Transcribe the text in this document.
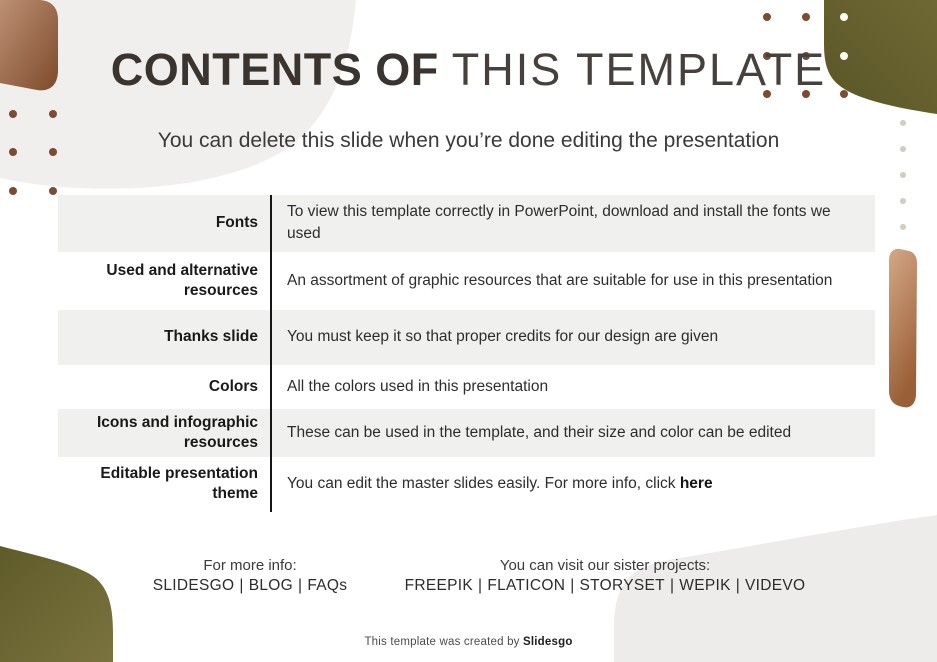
CONTENTS OF THIS TEMPLATE

You can delete this slide when you’re done editing the presentation

Fonts

To view this template correctly in PowerPoint, download and install the fonts we used

Used and alternative resources

An assortment of graphic resources that are suitable for use in this presentation

Thanks slide	You must keep it so that proper credits for our design are given

Colors	All the colors used in this presentation

Icons and infographic resources

These can be used in the template, and their size and color can be edited

Editable presentation theme

You can edit the master slides easily. For more info, click here

For more info:
SLIDESGO | BLOG | FAQs
You can visit our sister projects:
FREEPIK | FLATICON | STORYSET | WEPIK | VIDEVO

This template was created by Slidesgo
